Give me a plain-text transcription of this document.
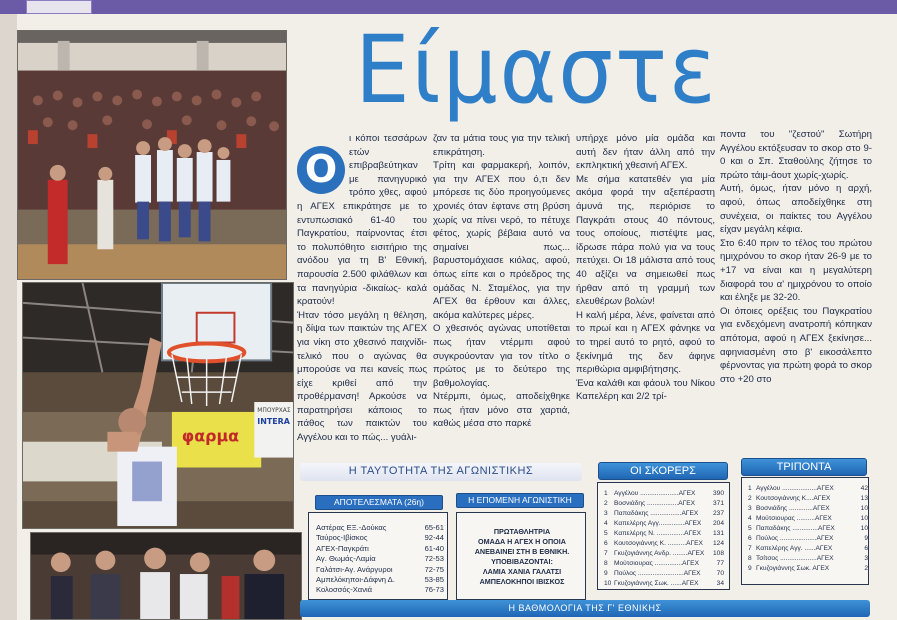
φαρμα
INTERA
ΜΠΟΥΡΧΑΣ
Είμαστε
Ο

ι κόποι τεσσάρων ετών επιβραβεύτηκαν με πανηγυρικό τρόπο χθες, αφού η ΑΓΕΧ επικράτησε με το εντυπωσιακό 61-40 του Παγκρατίου, παίρνοντας έτσι το πολυπόθητο εισιτήριο της ανόδου για τη Β' Εθνική, παρουσία 2.500 φιλάθλων και τα πανηγύρια -δικαίως- καλά κρατούν!

Ήταν τόσο μεγάλη η θέληση, η δίψα των παικτών της ΑΓΕΧ για νίκη στο χθεσινό παιχνίδι-τελικό που ο αγώνας θα μπορούσε να πει κανείς πως είχε κριθεί από την προθέρμανση! Αρκούσε να παρατηρήσει κάποιος το πάθος των παικτών του Αγγέλου και το πώς... γυάλι-

ζαν τα μάτια τους για την τελική επικράτηση.

Τρίτη και φαρμακερή, λοιπόν, για την ΑΓΕΧ που ό,τι δεν μπόρεσε τις δύο προηγούμενες χρονιές όταν έφτανε στη βρύση χωρίς να πίνει νερό, το πέτυχε φέτος, χωρίς βέβαια αυτό να σημαίνει πως... βαρυστομάχιασε κιόλας, αφού, όπως είπε και ο πρόεδρος της ομάδας Ν. Σταμέλος, για την ΑΓΕΧ θα έρθουν και άλλες, ακόμα καλύτερες μέρες.

Ο χθεσινός αγώνας υποτίθεται πως ήταν ντέρμπι αφού συγκρούονταν για τον τίτλο ο πρώτος με το δεύτερο της βαθμολογίας.

Ντέρμπι, όμως, αποδείχθηκε πως ήταν μόνο στα χαρτιά, καθώς μέσα στο παρκέ

υπήρχε μόνο μία ομάδα και αυτή δεν ήταν άλλη από την εκπληκτική χθεσινή ΑΓΕΧ.

Με σήμα κατατεθέν για μία ακόμα φορά την αξεπέραστη άμυνά της, περιόρισε το Παγκράτι στους 40 πόντους, τους οποίους, πιστέψτε μας, ίδρωσε πάρα πολύ για να τους πετύχει. Οι 18 μάλιστα από τους 40 αξίζει να σημειωθεί πως ήρθαν από τη γραμμή των ελευθέρων βολών!

Η καλή μέρα, λένε, φαίνεται από το πρωί και η ΑΓΕΧ φάνηκε να το τηρεί αυτό το ρητό, αφού το ξεκίνημά της δεν άφηνε περιθώρια αμφιβήτησης.

Ένα καλάθι και φάουλ του Νίκου Καπελέρη και 2/2 τρί-

ποντα του "ζεστού" Σωτήρη Αγγέλου εκτόξευσαν το σκορ στο 9-0 και ο Σπ. Σταθούλης ζήτησε το πρώτο τάιμ-άουτ χωρίς-χωρίς.

Αυτή, όμως, ήταν μόνο η αρχή, αφού, όπως αποδείχθηκε στη συνέχεια, οι παίκτες του Αγγέλου είχαν μεγάλη κέφια.

Στο 6:40 πριν το τέλος του πρώτου ημιχρόνου το σκορ ήταν 26-9 με το +17 να είναι και η μεγαλύτερη διαφορά του α' ημιχρόνου το οποίο και έληξε με 32-20.

Οι όποιες ορέξεις του Παγκρατίου για ενδεχόμενη ανατροπή κόπηκαν απότομα, αφού η ΑΓΕΧ ξεκίνησε... αφηνιασμένη στο β' εικοσάλεπτο φέρνοντας για πρώτη φορά το σκορ στο +20 στο

Η ΤΑΥΤΟΤΗΤΑ ΤΗΣ ΑΓΩΝΙΣΤΙΚΗΣ	ΟΙ ΣΚΟΡΕΡΣ	ΤΡΙΠΟΝΤΑ
Αστέρας ΕΞ.-Δούκας	65-61
Ταύρος-Ιβίσκος	92-44
ΑΓΕΧ-Παγκράτι	61-40
Αγ. Θωμάς-Λαμία	72-53
Γαλάτσι-Αγ. Ανάργυροι	72-75
Αμπελόκηποι-Δάφνη Δ.	53-85
Κολοσσός-Χανιά	76-73
ΑΠΟΤΕΛΕΣΜΑΤΑ (26η)
ΠΡΩΤΑΘΛΗΤΡΙΑ
ΟΜΑΔΑ Η ΑΓΕΧ Η ΟΠΟΙΑ
ΑΝΕΒΑΙΝΕΙ ΣΤΗ Β ΕΘΝΙΚΗ.
ΥΠΟΒΙΒΑΖΟΝΤΑΙ:
ΛΑΜΙΑ ΧΑΝΙΑ ΓΑΛΑΤΣΙ
ΑΜΠΕΛΟΚΗΠΟΙ ΙΒΙΣΚΟΣ
Η ΕΠΟΜΕΝΗ ΑΓΩΝΙΣΤΙΚΗ
1 Αγγέλου .....................ΑΓΕΧ	390
2 Βοσνιάδης .................ΑΓΕΧ	371
3 Παπαδάκης .................ΑΓΕΧ	237
4 Καπελέρης Αγγ..............ΑΓΕΧ	204
5 Καπελέρης Ν. ...............ΑΓΕΧ	131
6 Κουτσογιάννης Κ. ..........ΑΓΕΧ	124
7 Γκυζογιάννης Ανδρ. ........ΑΓΕΧ	108
8 Μούτσιουρας ...............ΑΓΕΧ	77
9 Πούλος .........................ΑΓΕΧ	70
10 Γκυζογιάννης Σωκ. ......ΑΓΕΧ	34
1 Αγγέλου ...................ΑΓΕΧ	42
2 Κουτσογιάννης Κ....ΑΓΕΧ	13
3 Βοσνιάδης .............ΑΓΕΧ	10
4 Μούτσιουρας ..........ΑΓΕΧ	10
5 Παπαδάκης ..............ΑΓΕΧ	10
6 Πούλος ....................ΑΓΕΧ	9
7 Καπελέρης Αγγ. ......ΑΓΕΧ	6
8 Τσίτσος ....................ΑΓΕΧ	3
9 Γκυζογιάννης Σωκ. ΑΓΕΧ	2
Η ΒΑΘΜΟΛΟΓΙΑ ΤΗΣ Γ' ΕΘΝΙΚΗΣ
